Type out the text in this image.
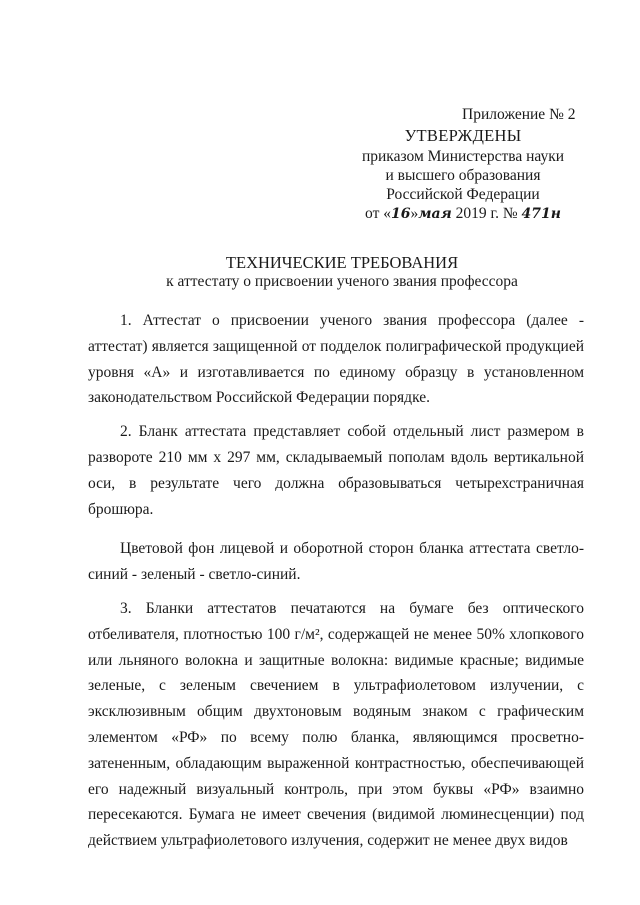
Приложение № 2
УТВЕРЖДЕНЫ
приказом Министерства науки
и высшего образования
Российской Федерации
от «16»мая 2019 г. № 471н
ТЕХНИЧЕСКИЕ ТРЕБОВАНИЯ
к аттестату о присвоении ученого звания профессора

1. Аттестат о присвоении ученого звания профессора (далее - аттестат) является защищенной от подделок полиграфической продукцией уровня «А» и изготавливается по единому образцу в установленном законодательством Российской Федерации порядке.

2. Бланк аттестата представляет собой отдельный лист размером в развороте 210 мм х 297 мм, складываемый пополам вдоль вертикальной оси, в результате чего должна образовываться четырехстраничная брошюра.

Цветовой фон лицевой и оборотной сторон бланка аттестата светло-синий - зеленый - светло-синий.

3. Бланки аттестатов печатаются на бумаге без оптического отбеливателя, плотностью 100 г/м², содержащей не менее 50% хлопкового или льняного волокна и защитные волокна: видимые красные; видимые зеленые, с зеленым свечением в ультрафиолетовом излучении, с эксклюзивным общим двухтоновым водяным знаком с графическим элементом «РФ» по всему полю бланка, являющимся просветно-затененным, обладающим выраженной контрастностью, обеспечивающей его надежный визуальный контроль, при этом буквы «РФ» взаимно пересекаются. Бумага не имеет свечения (видимой люминесценции) под действием ультрафиолетового излучения, содержит не менее двух видов
